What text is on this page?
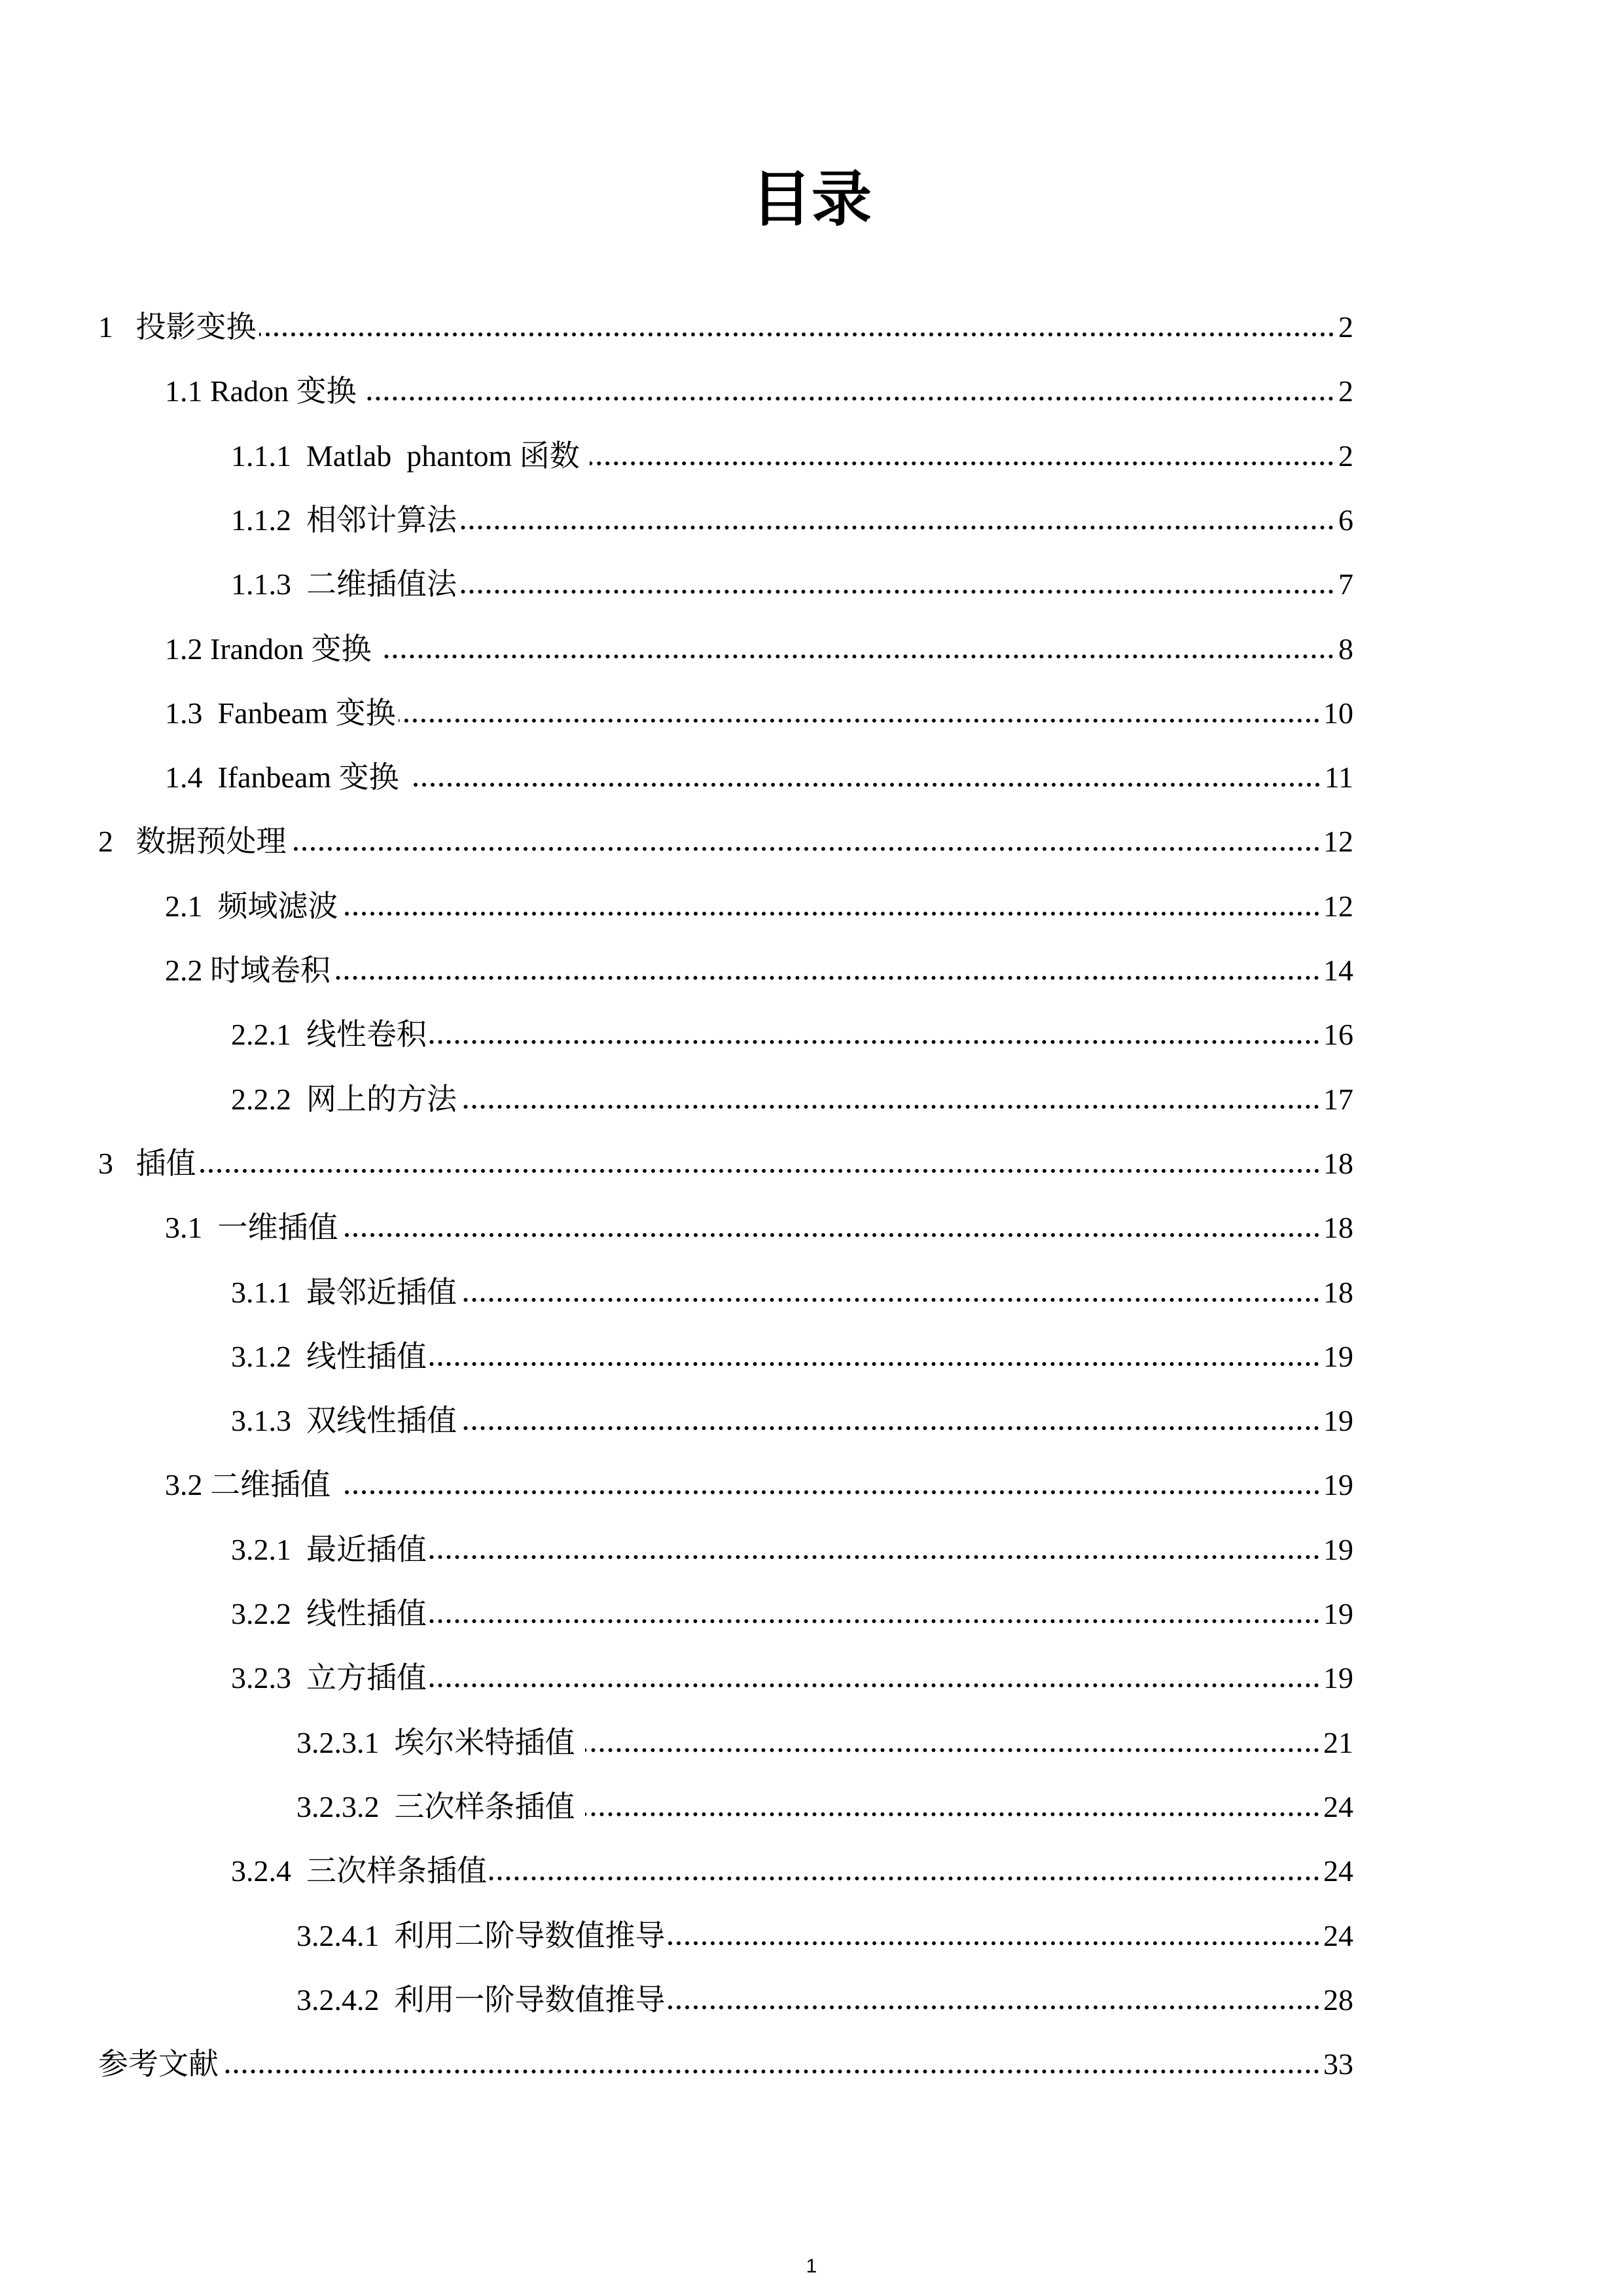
目录
1 投影变换	2
1.1 Radon 变换	2
1.1.1 Matlab  phantom 函数	2
1.1.2 相邻计算法	6
1.1.3 二维插值法	7
1.2 Irandon 变换	8
1.3 Fanbeam 变换	10
1.4 Ifanbeam 变换	11
2 数据预处理	12
2.1 频域滤波	12
2.2 时域卷积	14
2.2.1 线性卷积	16
2.2.2 网上的方法	17
3 插值	18
3.1 一维插值	18
3.1.1 最邻近插值	18
3.1.2 线性插值	19
3.1.3 双线性插值	19
3.2 二维插值	19
3.2.1 最近插值	19
3.2.2 线性插值	19
3.2.3 立方插值	19
3.2.3.1 埃尔米特插值	21
3.2.3.2 三次样条插值	24
3.2.4 三次样条插值	24
3.2.4.1 利用二阶导数值推导	24
3.2.4.2 利用一阶导数值推导	28
参考文献	33
1
